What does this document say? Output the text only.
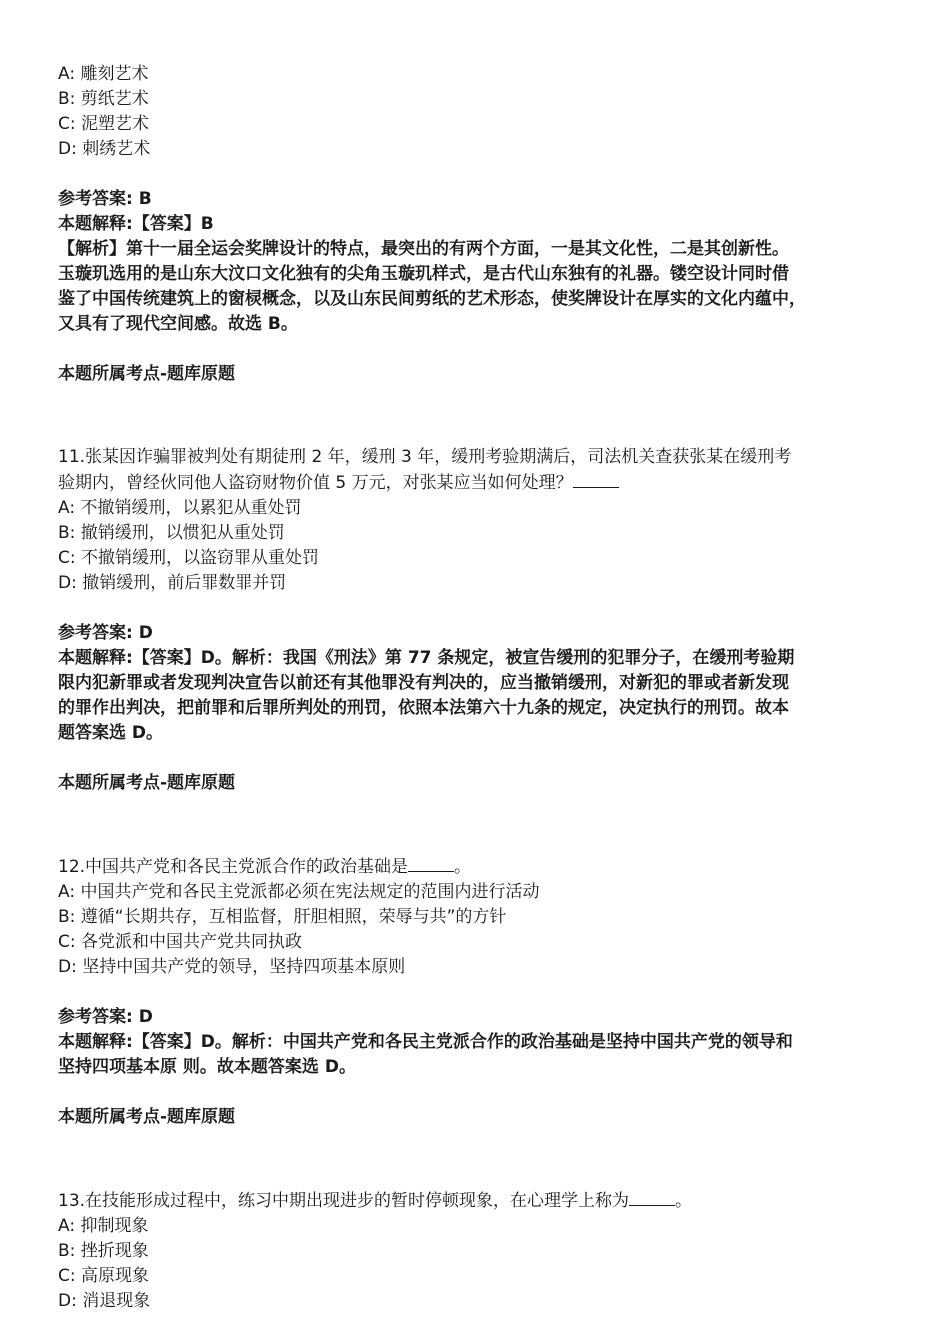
A: 雕刻艺术
B: 剪纸艺术
C: 泥塑艺术
D: 刺绣艺术
参考答案: B
本题解释:【答案】B
【解析】第十一届全运会奖牌设计的特点，最突出的有两个方面，一是其文化性，二是其创新性。
玉璇玑选用的是山东大汶口文化独有的尖角玉璇玑样式，是古代山东独有的礼器。镂空设计同时借
鉴了中国传统建筑上的窗棂概念，以及山东民间剪纸的艺术形态，使奖牌设计在厚实的文化内蕴中，
又具有了现代空间感。故选 B。
本题所属考点-题库原题
11.张某因诈骗罪被判处有期徒刑 2 年，缓刑 3 年，缓刑考验期满后，司法机关查获张某在缓刑考
验期内，曾经伙同他人盗窃财物价值 5 万元，对张某应当如何处理？
A: 不撤销缓刑，以累犯从重处罚
B: 撤销缓刑，以惯犯从重处罚
C: 不撤销缓刑，以盗窃罪从重处罚
D: 撤销缓刑，前后罪数罪并罚
参考答案: D
本题解释:【答案】D。解析：我国《刑法》第 77 条规定，被宣告缓刑的犯罪分子，在缓刑考验期
限内犯新罪或者发现判决宣告以前还有其他罪没有判决的，应当撤销缓刑，对新犯的罪或者新发现
的罪作出判决，把前罪和后罪所判处的刑罚，依照本法第六十九条的规定，决定执行的刑罚。故本
题答案选 D。
本题所属考点-题库原题
12.中国共产党和各民主党派合作的政治基础是	。
A: 中国共产党和各民主党派都必须在宪法规定的范围内进行活动
B: 遵循“长期共存，互相监督，肝胆相照，荣辱与共”的方针
C: 各党派和中国共产党共同执政
D: 坚持中国共产党的领导，坚持四项基本原则
参考答案: D
本题解释:【答案】D。解析：中国共产党和各民主党派合作的政治基础是坚持中国共产党的领导和
坚持四项基本原 则。故本题答案选 D。
本题所属考点-题库原题
13.在技能形成过程中，练习中期出现进步的暂时停顿现象，在心理学上称为	。
A: 抑制现象
B: 挫折现象
C: 高原现象
D: 消退现象
